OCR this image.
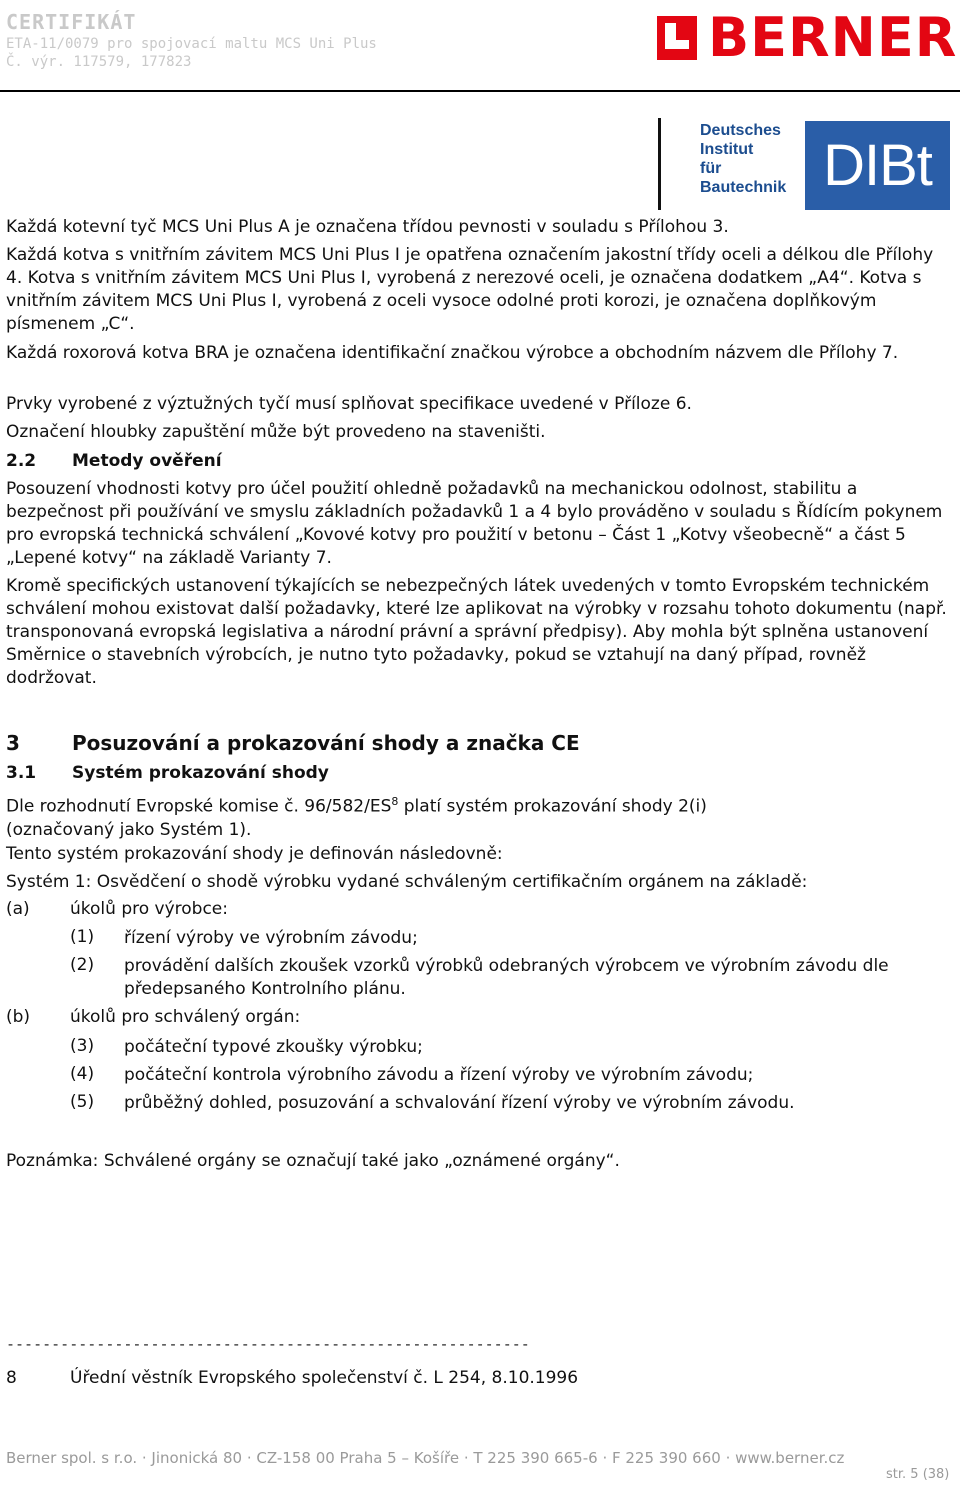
CERTIFIKÁT
ETA-11/0079 pro spojovací maltu MCS Uni Plus
Č. výr. 117579, 177823	BERNER
Deutsches
Institut
für
Bautechnik DIBt

Každá kotevní tyč MCS Uni Plus A je označena třídou pevnosti v souladu s Přílohou 3.

Každá kotva s vnitřním závitem MCS Uni Plus I je opatřena označením jakostní třídy oceli a délkou dle Přílohy 4. Kotva s vnitřním závitem MCS Uni Plus I, vyrobená z nerezové oceli, je označena dodatkem „A4“. Kotva s vnitřním závitem MCS Uni Plus I, vyrobená z oceli vysoce odolné proti korozi, je označena doplňkovým písmenem „C“.

Každá roxorová kotva BRA je označena identifikační značkou výrobce a obchodním názvem dle Přílohy 7.

Prvky vyrobené z výztužných tyčí musí splňovat specifikace uvedené v Příloze 6.

Označení hloubky zapuštění může být provedeno na staveništi.

2.2 Metody ověření

Posouzení vhodnosti kotvy pro účel použití ohledně požadavků na mechanickou odolnost, stabilitu a bezpečnost při používání ve smyslu základních požadavků 1 a 4 bylo prováděno v souladu s Řídícím pokynem pro evropská technická schválení „Kovové kotvy pro použití v betonu – Část 1 „Kotvy všeobecně“ a část 5 „Lepené kotvy“ na základě Varianty 7.

Kromě specifických ustanovení týkajících se nebezpečných látek uvedených v tomto Evropském technickém schválení mohou existovat další požadavky, které lze aplikovat na výrobky v rozsahu tohoto dokumentu (např. transponovaná evropská legislativa a národní právní a správní předpisy). Aby mohla být splněna ustanovení Směrnice o stavebních výrobcích, je nutno tyto požadavky, pokud se vztahují na daný případ, rovněž dodržovat.

3	Posuzování a prokazování shody a značka CE
3.1 Systém prokazování shody
Dle rozhodnutí Evropské komise č. $96/582/ES^8$ platí systém prokazování shody 2(i)
(označovaný jako Systém 1).

Tento systém prokazování shody je definován následovně:

Systém 1: Osvědčení o shodě výrobku vydané schváleným certifikačním orgánem na základě:

(a) úkolů pro výrobce:
(1) řízení výroby ve výrobním závodu;
(2) provádění dalších zkoušek vzorků výrobků odebraných výrobcem ve výrobním závodu dle předepsaného Kontrolního plánu.
(b) úkolů pro schválený orgán:
(3) počáteční typové zkoušky výrobku;
(4) počáteční kontrola výrobního závodu a řízení výroby ve výrobním závodu;
(5) průběžný dohled, posuzování a schvalování řízení výroby ve výrobním závodu.

Poznámka: Schválené orgány se označují také jako „oznámené orgány“.

----------------------------------------------------------
8	Úřední věstník Evropského společenství č. L 254, 8.10.1996
Berner spol. s r.o. · Jinonická 80 · CZ-158 00 Praha 5 – Košíře · T 225 390 665-6 · F 225 390 660 · www.berner.cz
str. 5 (38)
